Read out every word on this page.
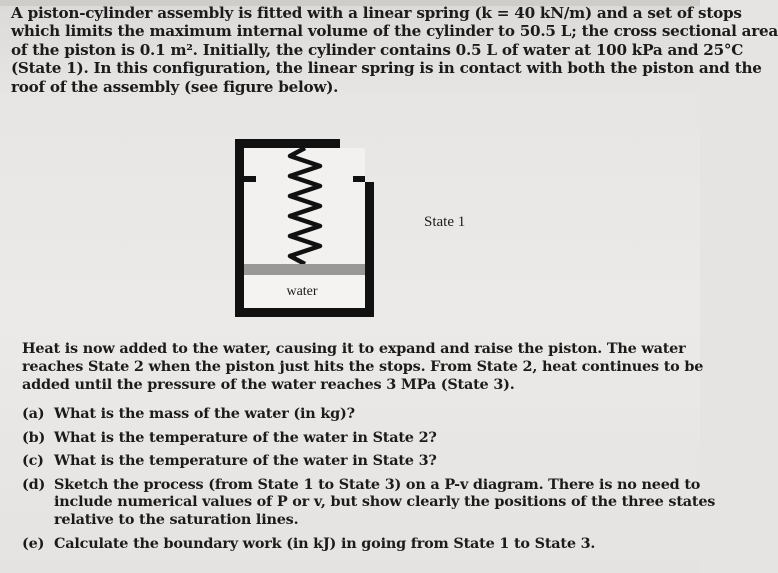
A piston-cylinder assembly is fitted with a linear spring (k = 40 kN/m) and a set of stops

which limits the maximum internal volume of the cylinder to 50.5 L; the cross sectional area

of the piston is 0.1 m². Initially, the cylinder contains 0.5 L of water at 100 kPa and 25°C

(State 1). In this configuration, the linear spring is in contact with both the piston and the

roof of the assembly (see figure below).

water
State 1

Heat is now added to the water, causing it to expand and raise the piston. The water

reaches State 2 when the piston just hits the stops. From State 2, heat continues to be

added until the pressure of the water reaches 3 MPa (State 3).

(a) What is the mass of the water (in kg)?
(b) What is the temperature of the water in State 2?
(c) What is the temperature of the water in State 3?
(d) Sketch the process (from State 1 to State 3) on a P-v diagram. There is no need to
include numerical values of P or v, but show clearly the positions of the three states
relative to the saturation lines.
(e) Calculate the boundary work (in kJ) in going from State 1 to State 3.
